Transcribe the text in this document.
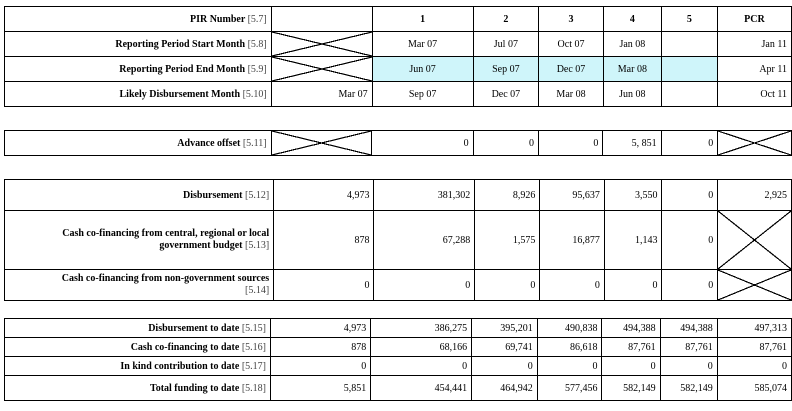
PIR Number [5.7]		1	2	3	4	5	PCR
Reporting Period Start Month [5.8]		Mar 07	Jul 07	Oct 07	Jan 08		Jan 11
Reporting Period End Month [5.9]		Jun 07	Sep 07	Dec 07	Mar 08		Apr 11
Likely Disbursement Month [5.10]	Mar 07	Sep 07	Dec 07	Mar 08	Jun 08		Oct 11
Advance offset [5.11]		0	0	0	5, 851	0	
Disbursement [5.12]	4,973	381,302	8,926	95,637	3,550	0	2,925
Cash co-financing from central, regional or local government budget [5.13]	878	67,288	1,575	16,877	1,143	0	

Cash co-financing from non-government sources
[5.14]	0	0	0	0	0	0	
Disbursement to date [5.15]	4,973	386,275	395,201	490,838	494,388	494,388	497,313
Cash co-financing to date [5.16]	878	68,166	69,741	86,618	87,761	87,761	87,761
In kind contribution to date [5.17]	0	0	0	0	0	0	0
Total funding to date [5.18]	5,851	454,441	464,942	577,456	582,149	582,149	585,074
